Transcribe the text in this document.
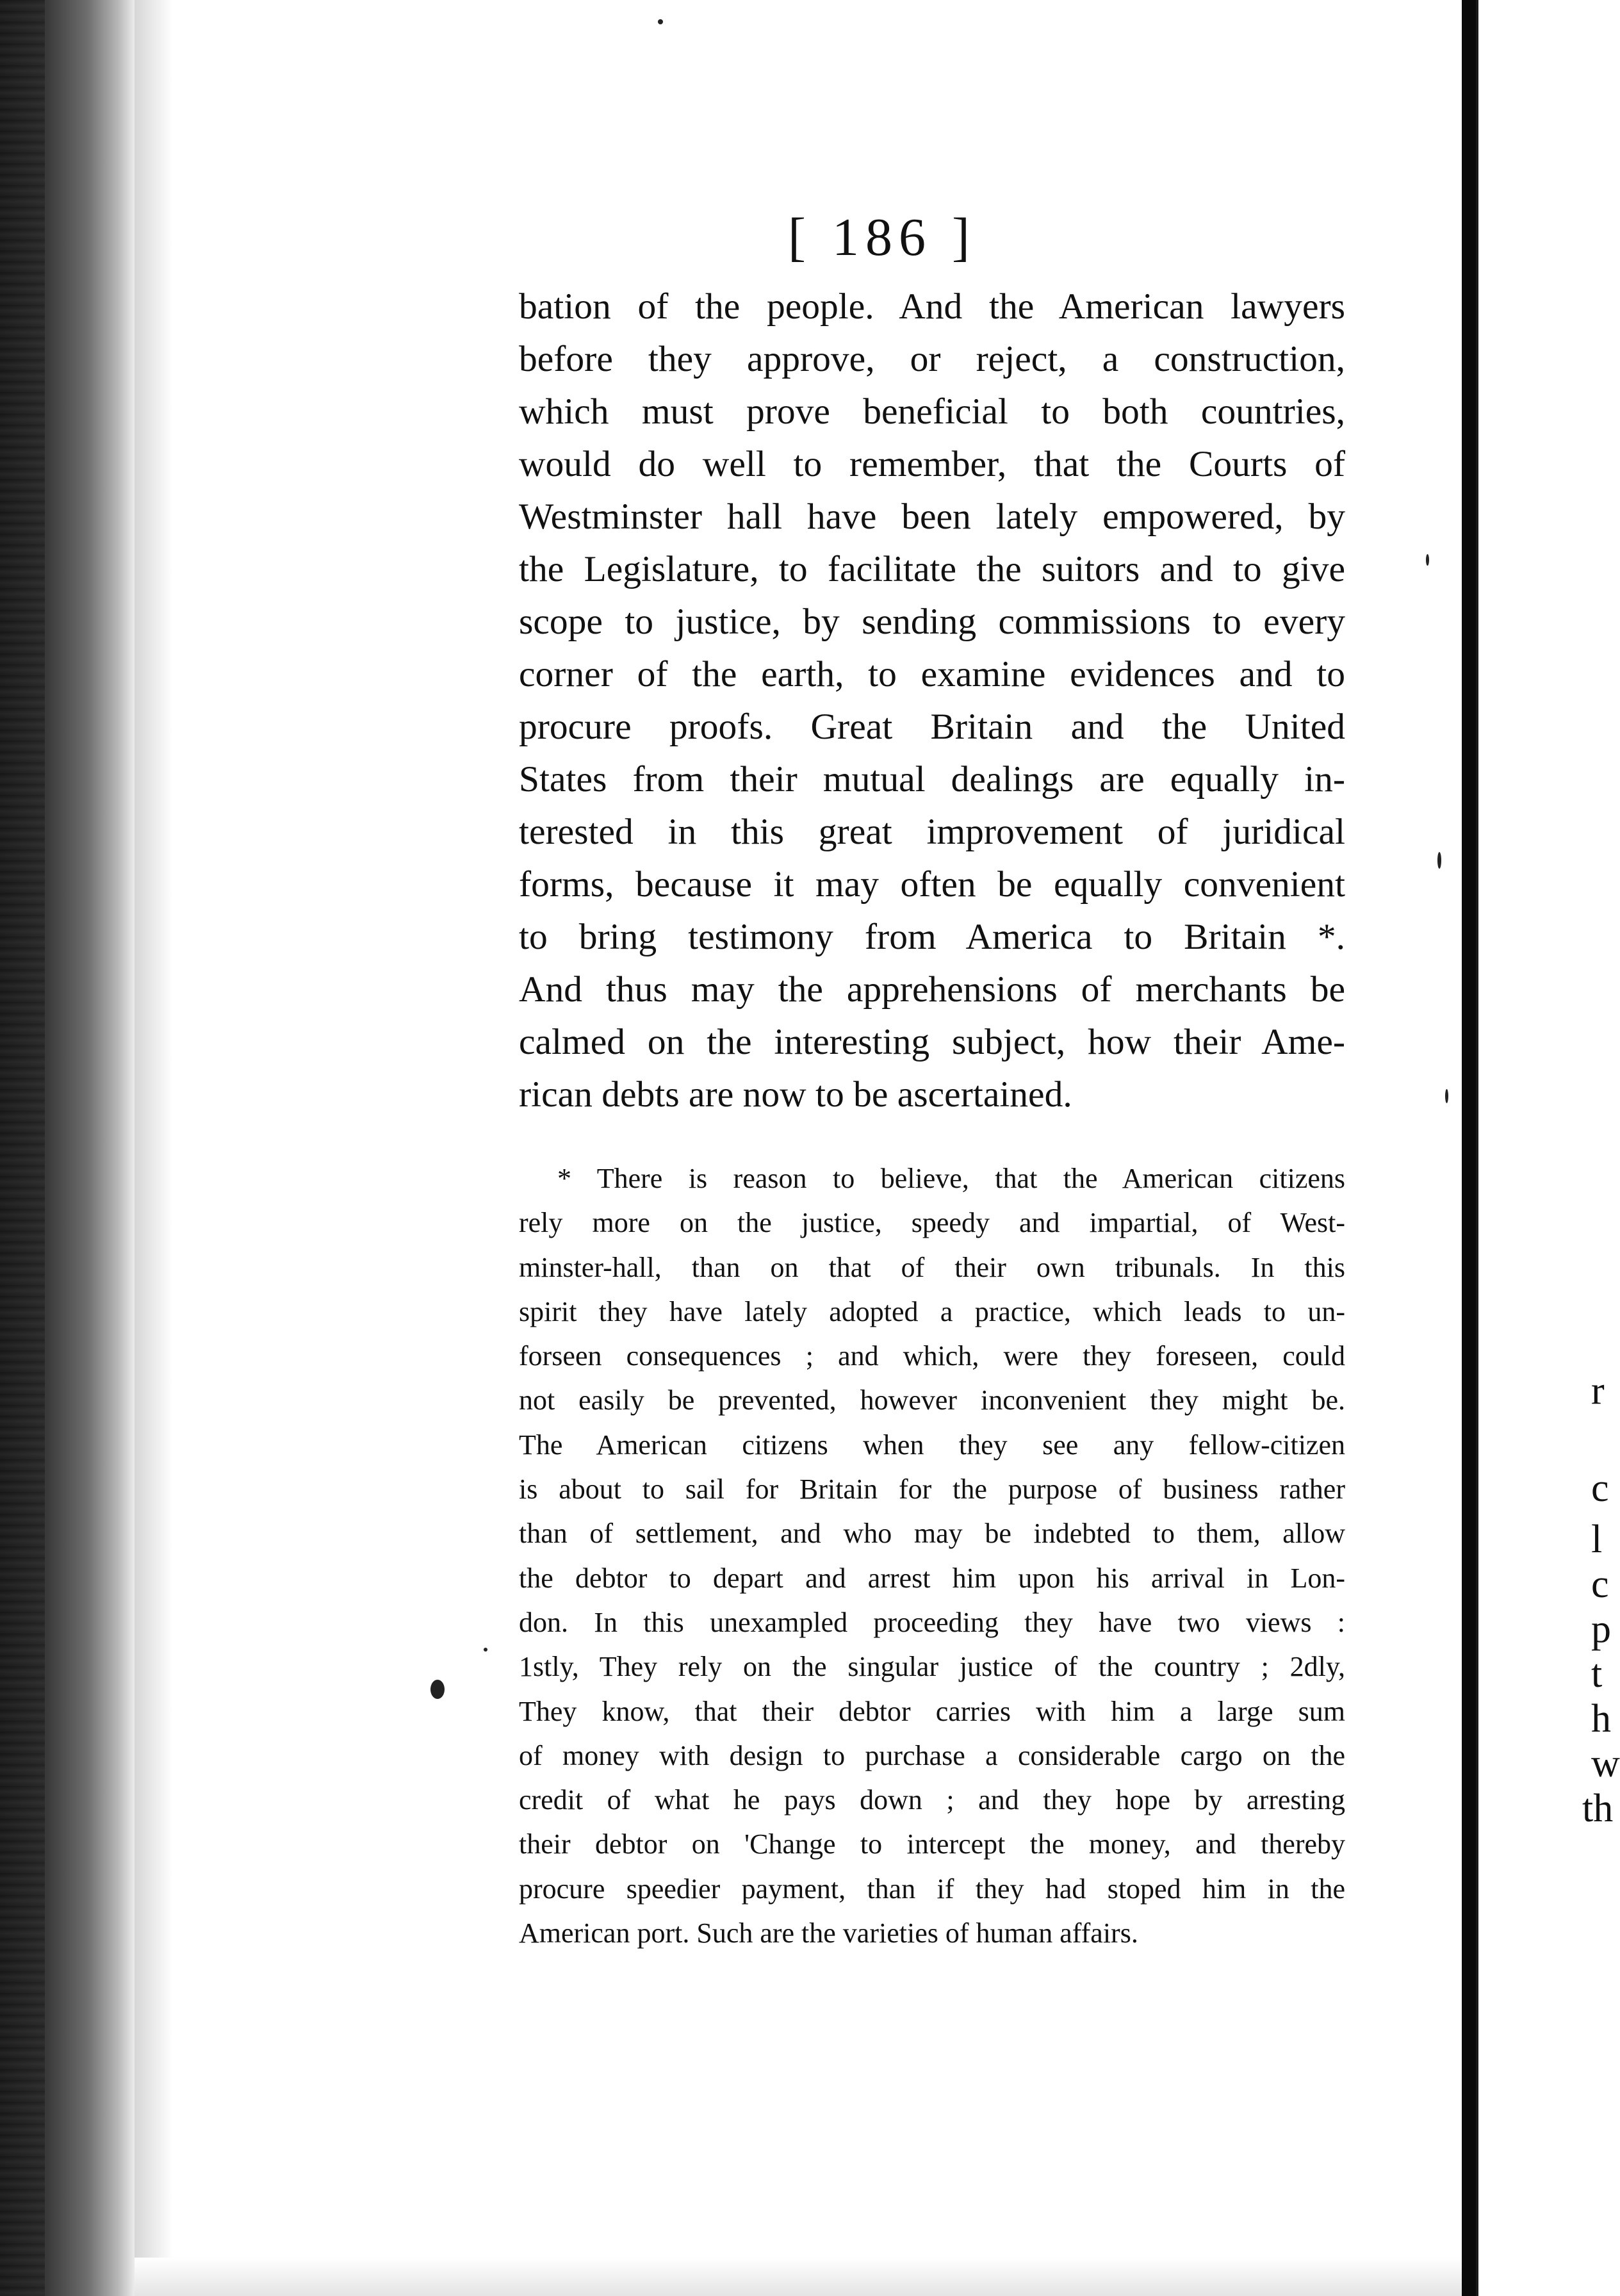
r
c
l
c
p
t
h
w
th
[ 186 ]
bation of the people. And the American lawyers
before they approve, or reject, a construction,
which must prove beneficial to both countries,
would do well to remember, that the Courts of
Westminster hall have been lately empowered, by
the Legislature, to facilitate the suitors and to give
scope to justice, by sending commissions to every
corner of the earth, to examine evidences and to
procure proofs. Great Britain and the United
States from their mutual dealings are equally in-
terested in this great improvement of juridical
forms, because it may often be equally convenient
to bring testimony from America to Britain *.
And thus may the apprehensions of merchants be
calmed on the interesting subject, how their Ame-
rican debts are now to be ascertained.
* There is reason to believe, that the American citizens
rely more on the justice, speedy and impartial, of West-
minster-hall, than on that of their own tribunals. In this
spirit they have lately adopted a practice, which leads to un-
forseen consequences ; and which, were they foreseen, could
not easily be prevented, however inconvenient they might be.
The American citizens when they see any fellow-citizen
is about to sail for Britain for the purpose of business rather
than of settlement, and who may be indebted to them, allow
the debtor to depart and arrest him upon his arrival in Lon-
don. In this unexampled proceeding they have two views :
1stly, They rely on the singular justice of the country ; 2dly,
They know, that their debtor carries with him a large sum
of money with design to purchase a considerable cargo on the
credit of what he pays down ; and they hope by arresting
their debtor on 'Change to intercept the money, and thereby
procure speedier payment, than if they had stoped him in the
American port. Such are the varieties of human affairs.
